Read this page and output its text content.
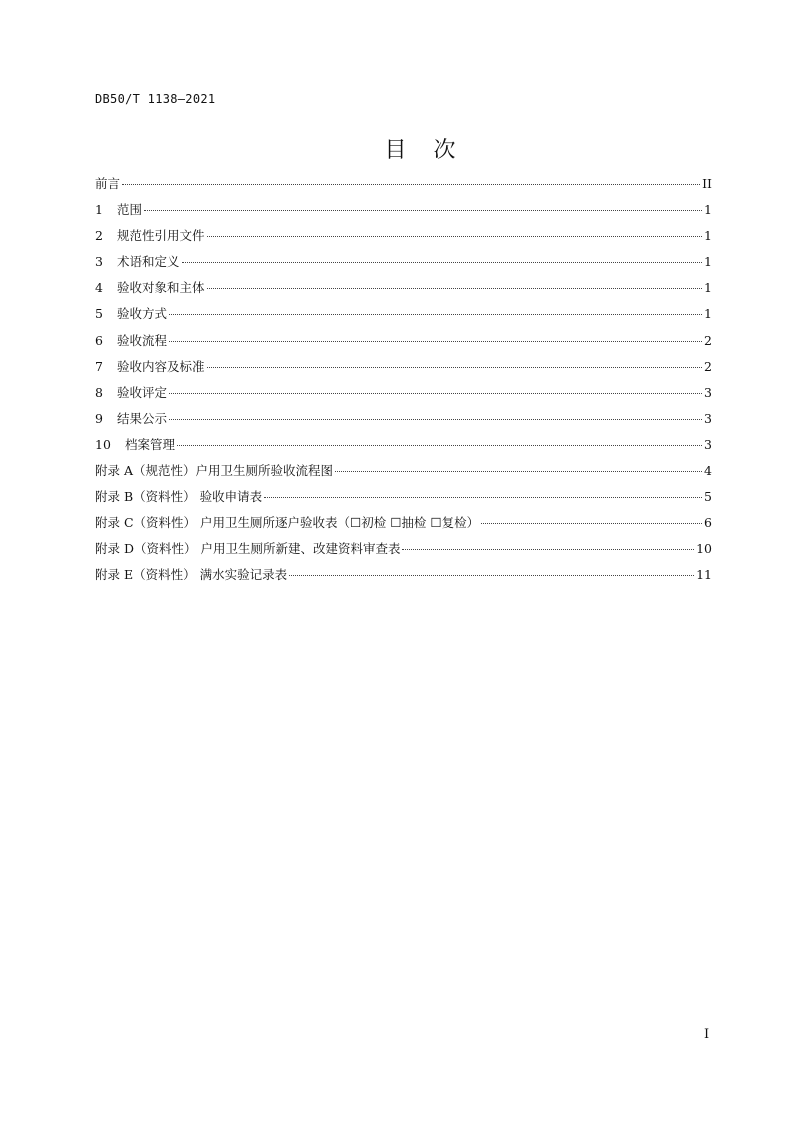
DB50/T 1138—2021
目 次
前言	II
1	范围	1
2	规范性引用文件	1
3	术语和定义	1
4	验收对象和主体	1
5	验收方式	1
6	验收流程	2
7	验收内容及标准	2
8	验收评定	3
9	结果公示	3
10	档案管理	3
附录 A（规范性）户用卫生厕所验收流程图	4
附录 B（资料性） 验收申请表	5
附录 C（资料性） 户用卫生厕所逐户验收表（☐初检 ☐抽检 ☐复检）	6
附录 D（资料性） 户用卫生厕所新建、改建资料审查表	10
附录 E（资料性） 满水实验记录表	11
I
